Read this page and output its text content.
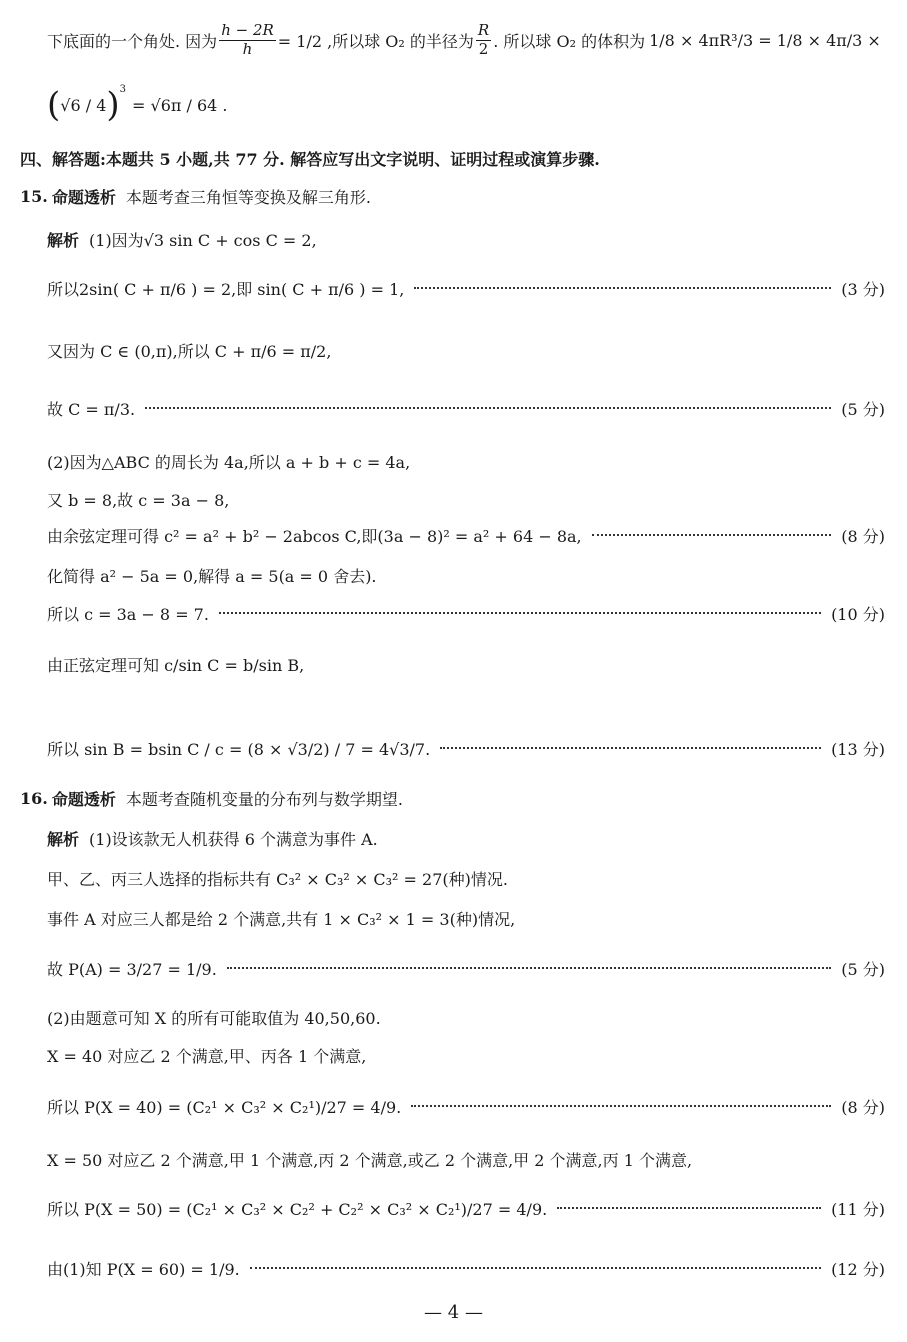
下底面的一个角处. 因为 $\frac{h - 2R}{h} = 1/2$ ,所以球 O₂ 的半径为 $\frac{R}{2}$ . 所以球 O₂ 的体积为 1/8 × 4πR³/3 = 1/8 × 4π/3 ×
( √6 / 4 )$^3$
= √6π / 64 .
四、解答题:本题共 5 小题,共 77 分. 解答应写出文字说明、证明过程或演算步骤.
15. 命题透析 本题考查三角恒等变换及解三角形.
解析 (1)因为√3 sin C + cos C = 2,
所以2sin( C + π/6 ) = 2,即 sin( C + π/6 ) = 1,	(3 分)
又因为 C ∈ (0,π),所以 C + π/6 = π/2,
故 C = π/3.	(5 分)
(2)因为△ABC 的周长为 4a,所以 a + b + c = 4a,
又 b = 8,故 c = 3a − 8,
由余弦定理可得 c² = a² + b² − 2abcos C,即(3a − 8)² = a² + 64 − 8a,	(8 分)
化简得 a² − 5a = 0,解得 a = 5(a = 0 舍去).
所以 c = 3a − 8 = 7.	(10 分)
由正弦定理可知 c/sin C = b/sin B,
所以 sin B = bsin C / c = (8 × √3/2) / 7 = 4√3/7.	(13 分)
16. 命题透析 本题考查随机变量的分布列与数学期望.
解析 (1)设该款无人机获得 6 个满意为事件 A.
甲、乙、丙三人选择的指标共有 C₃² × C₃² × C₃² = 27(种)情况.
事件 A 对应三人都是给 2 个满意,共有 1 × C₃² × 1 = 3(种)情况,
故 P(A) = 3/27 = 1/9.	(5 分)
(2)由题意可知 X 的所有可能取值为 40,50,60.
X = 40 对应乙 2 个满意,甲、丙各 1 个满意,
所以 P(X = 40) = (C₂¹ × C₃² × C₂¹)/27 = 4/9.	(8 分)
X = 50 对应乙 2 个满意,甲 1 个满意,丙 2 个满意,或乙 2 个满意,甲 2 个满意,丙 1 个满意,
所以 P(X = 50) = (C₂¹ × C₃² × C₂² + C₂² × C₃² × C₂¹)/27 = 4/9.	(11 分)
由(1)知 P(X = 60) = 1/9.	(12 分)
— 4 —
